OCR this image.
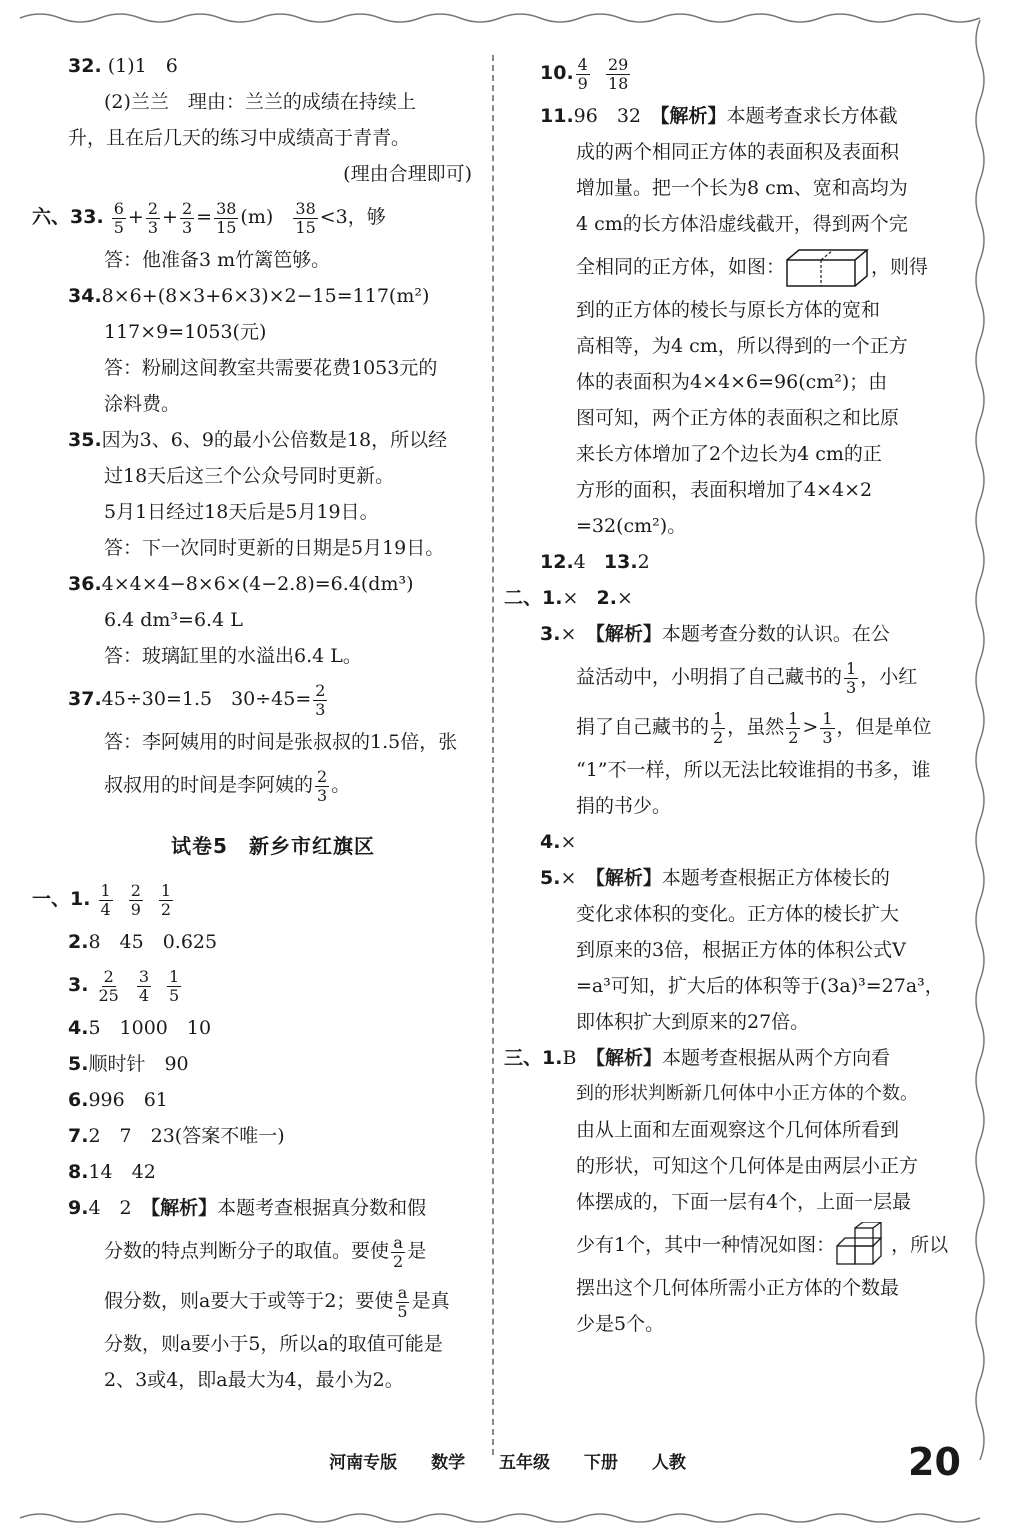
32. (1)1　6
(2)兰兰　理由：兰兰的成绩在持续上
升，且在后几天的练习中成绩高于青青。
(理由合理即可)
六、33. $\frac{6}{5} + \frac{2}{3} + \frac{2}{3} = \frac{38}{15} (m) \frac{38}{15} <3$，够
答：他准备3 m竹篱笆够。
34.8×6+(8×3+6×3)×2−15=117(m²)
117×9=1053(元)
答：粉刷这间教室共需要花费1053元的
涂料费。
35.因为3、6、9的最小公倍数是18，所以经
过18天后这三个公众号同时更新。
5月1日经过18天后是5月19日。
答：下一次同时更新的日期是5月19日。
36.4×4×4−8×6×(4−2.8)=6.4(dm³)
6.4 dm³=6.4 L
答：玻璃缸里的水溢出6.4 L。
37.45÷30=1.5　$30\div 45= \frac{2}{3}$
答：李阿姨用的时间是张叔叔的1.5倍，张
叔叔用的时间是李阿姨的 $\frac{2}{3}$ 。
试卷5　新乡市红旗区
一、1. $\frac{1}{4} \frac{2}{9} \frac{1}{2}$
2.8　45　0.625
3. $\frac{2}{25} \frac{3}{4} \frac{1}{5}$
4.5　1000　10
5.顺时针　90
6.996　61
7.2　7　23(答案不唯一)
8.14　42
9.4　2　 【解析】本题考查根据真分数和假
分数的特点判断分子的取值。要使 $\frac{a}{2}$ 是
假分数，则a要大于或等于2；要使 $\frac{a}{5}$ 是真
分数，则a要小于5，所以a的取值可能是
2、3或4，即a最大为4，最小为2。
10. $\frac{4}{9}$
$\frac{29}{18}$
11.96　32　 【解析】本题考查求长方体截
成的两个相同正方体的表面积及表面积
增加量。把一个长为8 cm、宽和高均为
4 cm的长方体沿虚线截开，得到两个完
全相同的正方体，如图：	，则得
到的正方体的棱长与原长方体的宽和
高相等，为4 cm，所以得到的一个正方
体的表面积为4×4×6=96(cm²)；由
图可知，两个正方体的表面积之和比原
来长方体增加了2个边长为4 cm的正
方形的面积，表面积增加了4×4×2
=32(cm²)。
12.4 13.2
二、1.× 2.×
3.×　 【解析】本题考查分数的认识。在公
益活动中，小明捐了自己藏书的 $\frac{1}{3}$ ，小红
捐了自己藏书的 $\frac{1}{2}$ ，虽然 $\frac{1}{2} > \frac{1}{3}$ ，但是单位
“1”不一样，所以无法比较谁捐的书多，谁
捐的书少。
4.×
5.×　 【解析】本题考查根据正方体棱长的
变化求体积的变化。正方体的棱长扩大
到原来的3倍，根据正方体的体积公式V
=a³可知，扩大后的体积等于(3a)³=27a³，
即体积扩大到原来的27倍。
三、1.B　 【解析】本题考查根据从两个方向看
到的形状判断新几何体中小正方体的个数。
由从上面和左面观察这个几何体所看到
的形状，可知这个几何体是由两层小正方
体摆成的，下面一层有4个，上面一层最
少有1个，其中一种情况如图：	，所以
摆出这个几何体所需小正方体的个数最
少是5个。
河南专版 数学 五年级 下册 人教	20
